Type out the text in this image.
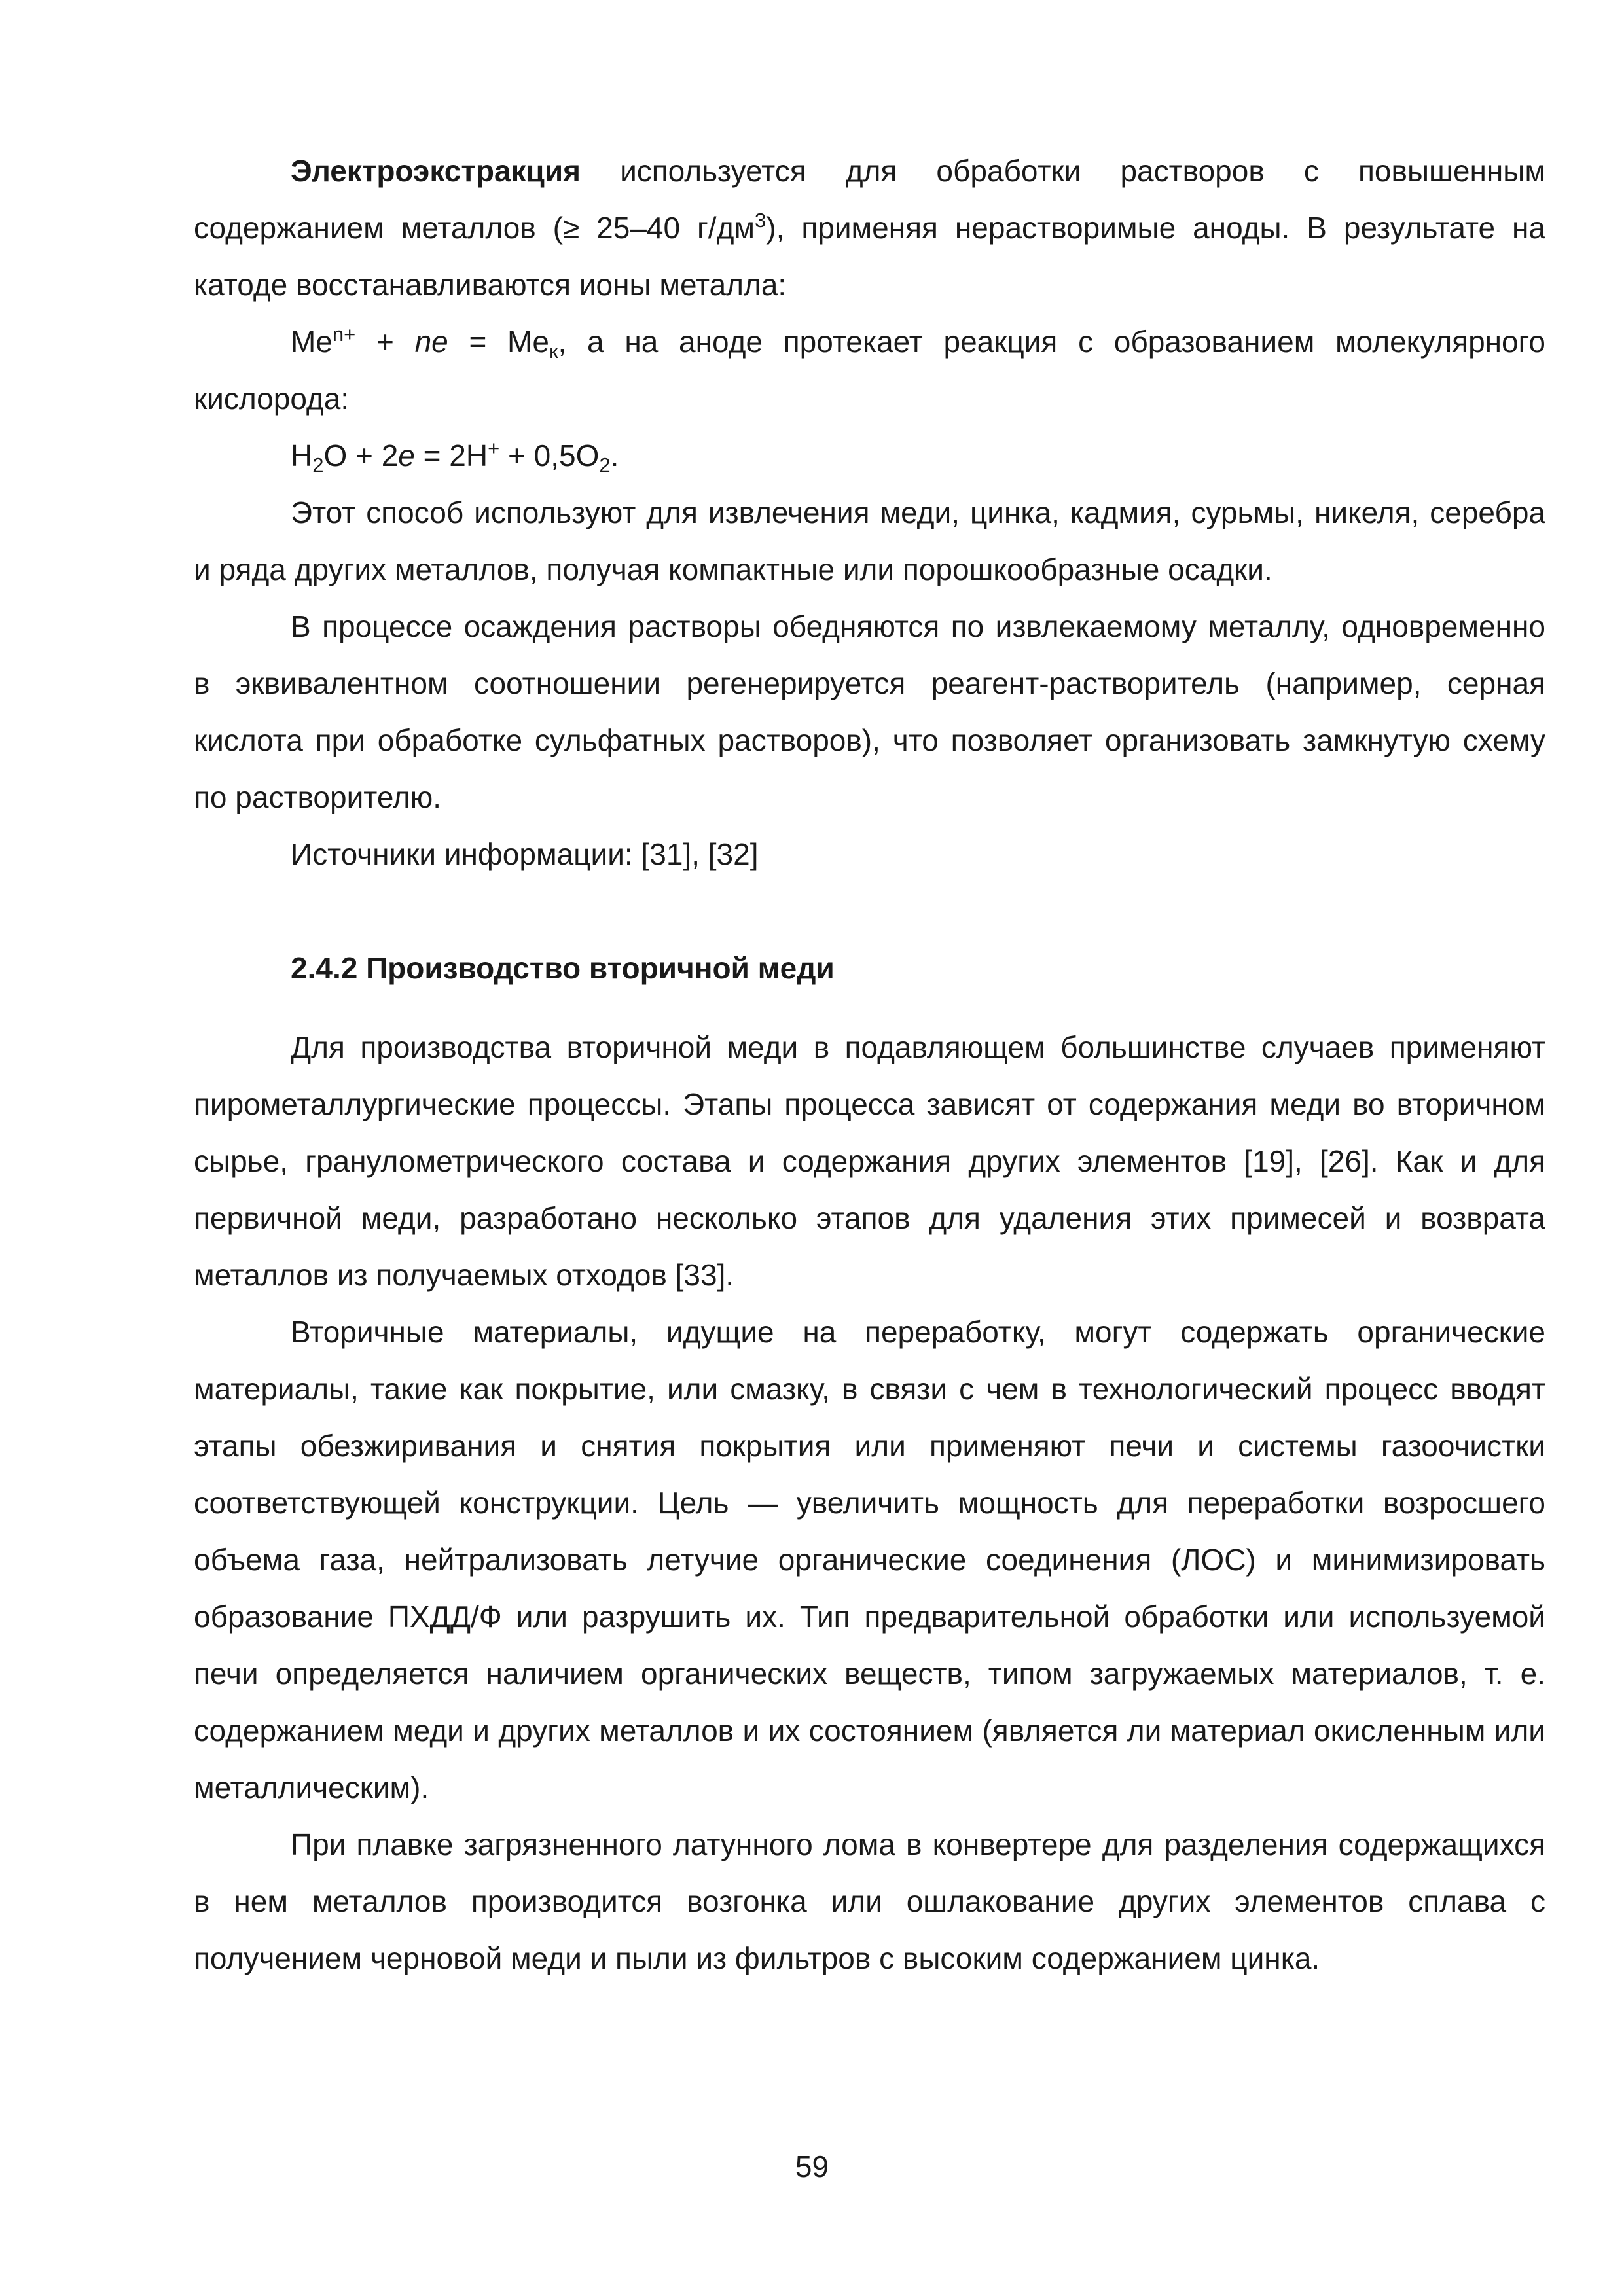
Электроэкстракция используется для обработки растворов с повышенным содержанием металлов (≥ 25–40 $г/дм^3$), применяя нерастворимые аноды. В результате на катоде восстанавливаются ионы металла:

$Me^{n+}$ + ne = $Me_к$, а на аноде протекает реакция с образованием молекулярного кислорода:

$H_2O + 2e = 2H^+ + 0,5O_2$.

Этот способ используют для извлечения меди, цинка, кадмия, сурьмы, никеля, серебра и ряда других металлов, получая компактные или порошкообразные осадки.

В процессе осаждения растворы обедняются по извлекаемому металлу, одновременно в эквивалентном соотношении регенерируется реагент-растворитель (например, серная кислота при обработке сульфатных растворов), что позволяет организовать замкнутую схему по растворителю.

Источники информации: [31], [32]

2.4.2 Производство вторичной меди

Для производства вторичной меди в подавляющем большинстве случаев применяют пирометаллургические процессы. Этапы процесса зависят от содержания меди во вторичном сырье, гранулометрического состава и содержания других элементов [19], [26]. Как и для первичной меди, разработано несколько этапов для удаления этих примесей и возврата металлов из получаемых отходов [33].

Вторичные материалы, идущие на переработку, могут содержать органические материалы, такие как покрытие, или смазку, в связи с чем в технологический процесс вводят этапы обезжиривания и снятия покрытия или применяют печи и системы газоочистки соответствующей конструкции. Цель — увеличить мощность для переработки возросшего объема газа, нейтрализовать летучие органические соединения (ЛОС) и минимизировать образование ПХДД/Ф или разрушить их. Тип предварительной обработки или используемой печи определяется наличием органических веществ, типом загружаемых материалов, т. е. содержанием меди и других металлов и их состоянием (является ли материал окисленным или металлическим).

При плавке загрязненного латунного лома в конвертере для разделения содержащихся в нем металлов производится возгонка или ошлакование других элементов сплава с получением черновой меди и пыли из фильтров с высоким содержанием цинка.

59
